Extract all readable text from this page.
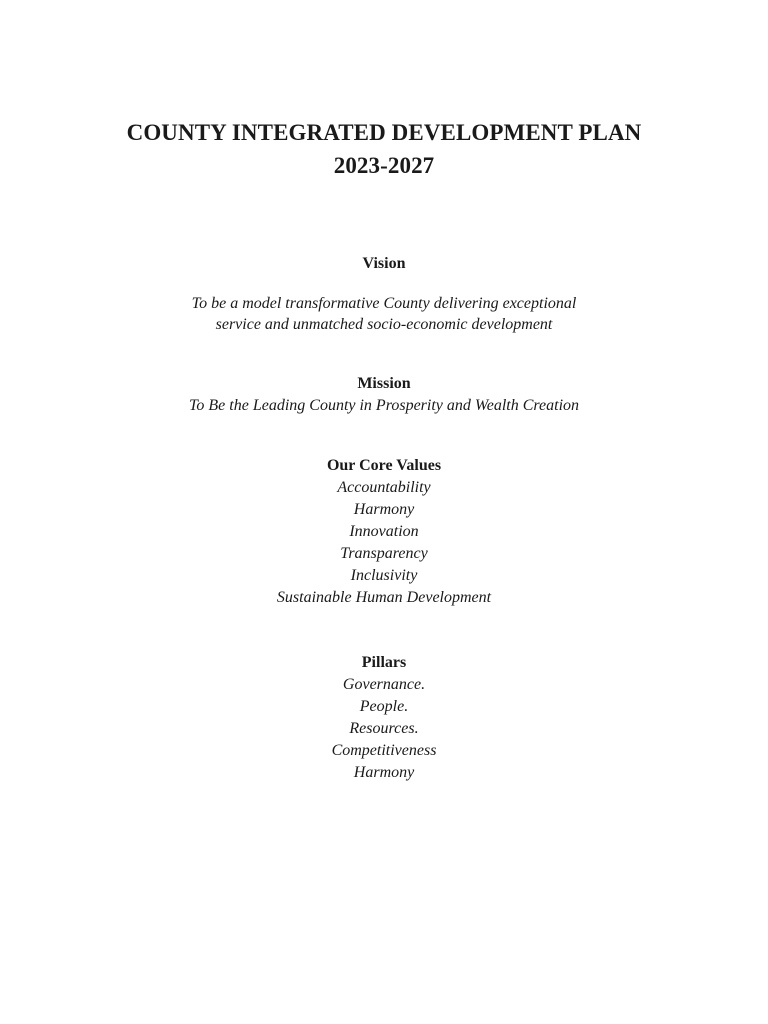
COUNTY INTEGRATED DEVELOPMENT PLAN
2023-2027
Vision
To be a model transformative County delivering exceptional
service and unmatched socio-economic development
Mission
To Be the Leading County in Prosperity and Wealth Creation
Our Core Values
Accountability
Harmony
Innovation
Transparency
Inclusivity
Sustainable Human Development
Pillars
Governance.
People.
Resources.
Competitiveness
Harmony
